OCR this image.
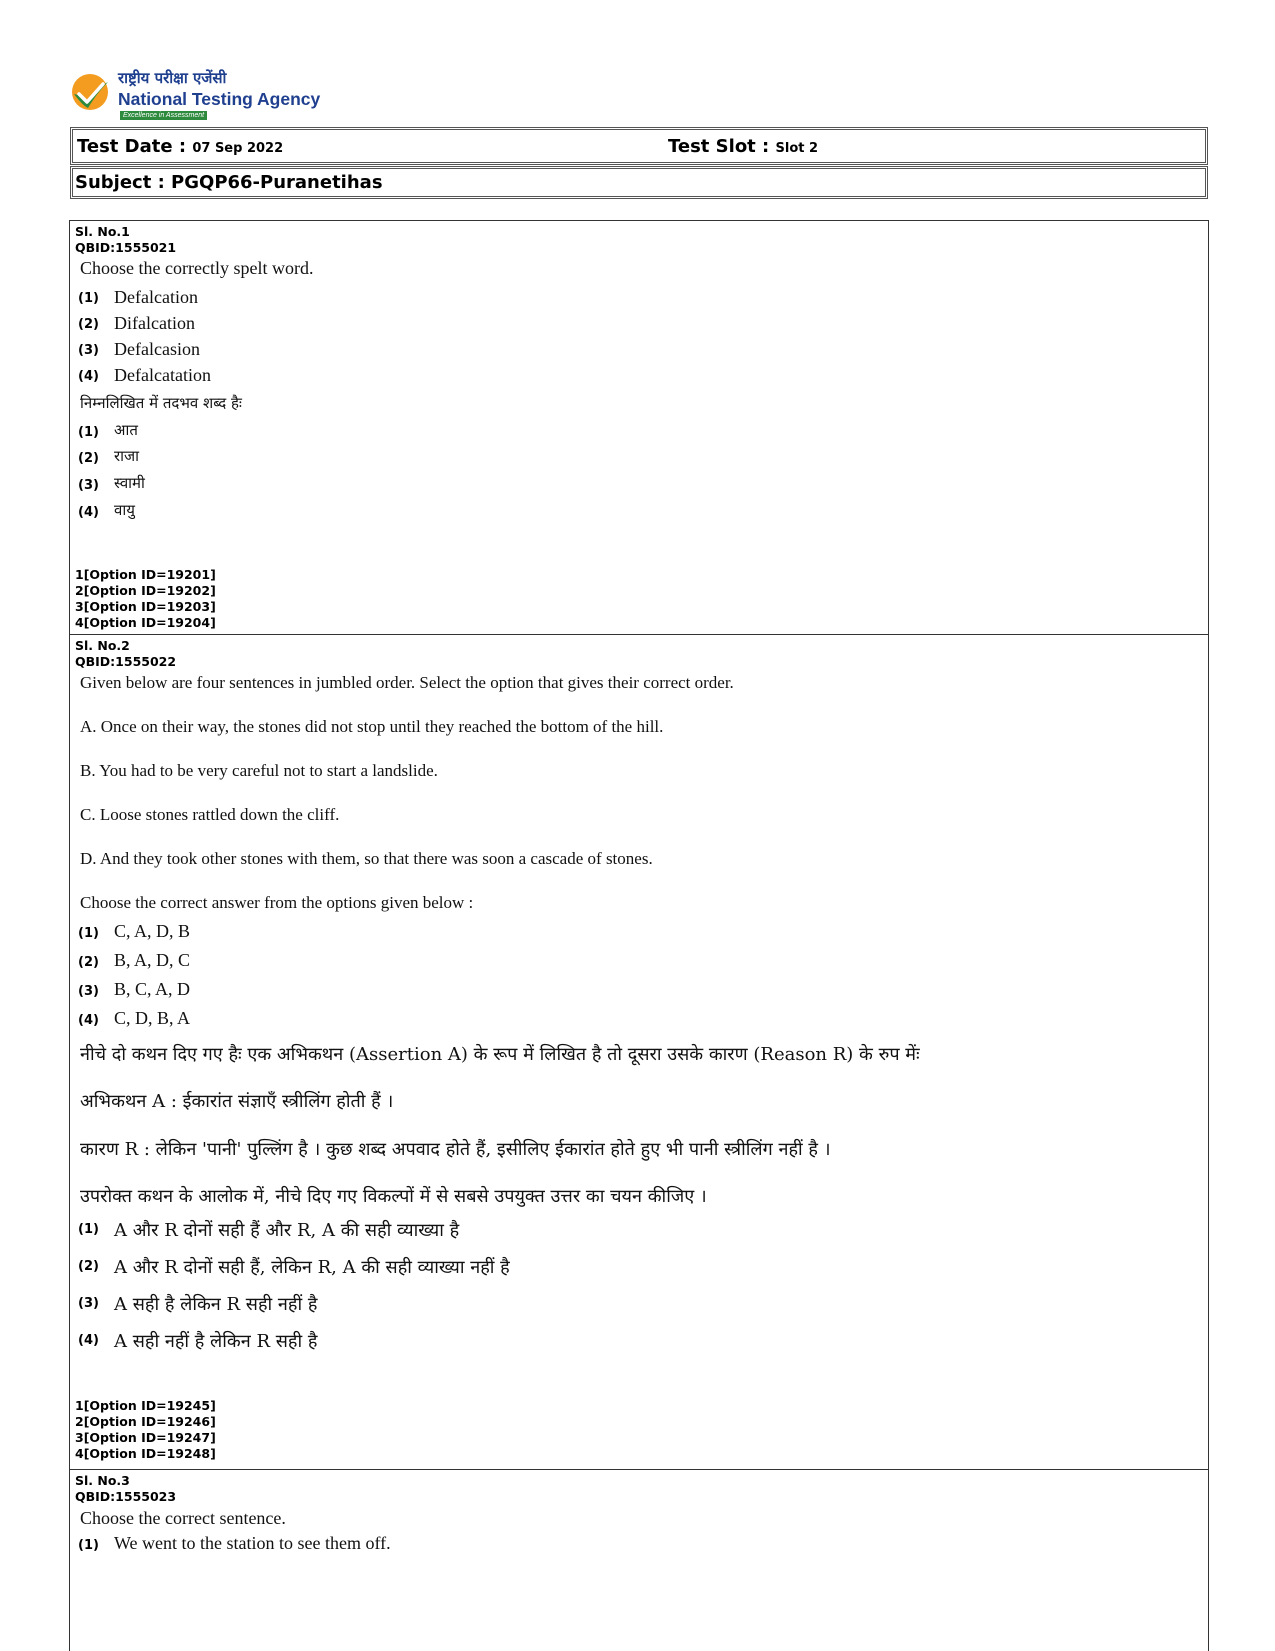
राष्ट्रीय परीक्षा एजेंसी
National Testing Agency
Excellence in Assessment
Test Date : 07 Sep 2022	Test Slot : Slot 2
Subject : PGQP66-Puranetihas
Sl. No.1
QBID:1555021
Choose the correctly spelt word.
(1) Defalcation
(2) Difalcation
(3) Defalcasion
(4) Defalcatation
निम्नलिखित में तदभव शब्द हैः
(1) आत
(2) राजा
(3) स्वामी
(4) वायु
1[Option ID=19201]
2[Option ID=19202]
3[Option ID=19203]
4[Option ID=19204]
Sl. No.2
QBID:1555022
Given below are four sentences in jumbled order. Select the option that gives their correct order.
A. Once on their way, the stones did not stop until they reached the bottom of the hill.
B. You had to be very careful not to start a landslide.
C. Loose stones rattled down the cliff.
D. And they took other stones with them, so that there was soon a cascade of stones.
Choose the correct answer from the options given below :
(1) C, A, D, B
(2) B, A, D, C
(3) B, C, A, D
(4) C, D, B, A
नीचे दो कथन दिए गए हैः एक अभिकथन (Assertion A) के रूप में लिखित है तो दूसरा उसके कारण (Reason R) के रुप मेंः
अभिकथन A : ईकारांत संज्ञाएँ स्त्रीलिंग होती हैं ।
कारण R : लेकिन 'पानी' पुल्लिंग है । कुछ शब्द अपवाद होते हैं, इसीलिए ईकारांत होते हुए भी पानी स्त्रीलिंग नहीं है ।
उपरोक्त कथन के आलोक में, नीचे दिए गए विकल्पों में से सबसे उपयुक्त उत्तर का चयन कीजिए ।
(1) A और R दोनों सही हैं और R, A की सही व्याख्या है
(2) A और R दोनों सही हैं, लेकिन R, A की सही व्याख्या नहीं है
(3) A सही है लेकिन R सही नहीं है
(4) A सही नहीं है लेकिन R सही है
1[Option ID=19245]
2[Option ID=19246]
3[Option ID=19247]
4[Option ID=19248]
Sl. No.3
QBID:1555023
Choose the correct sentence.
(1) We went to the station to see them off.
